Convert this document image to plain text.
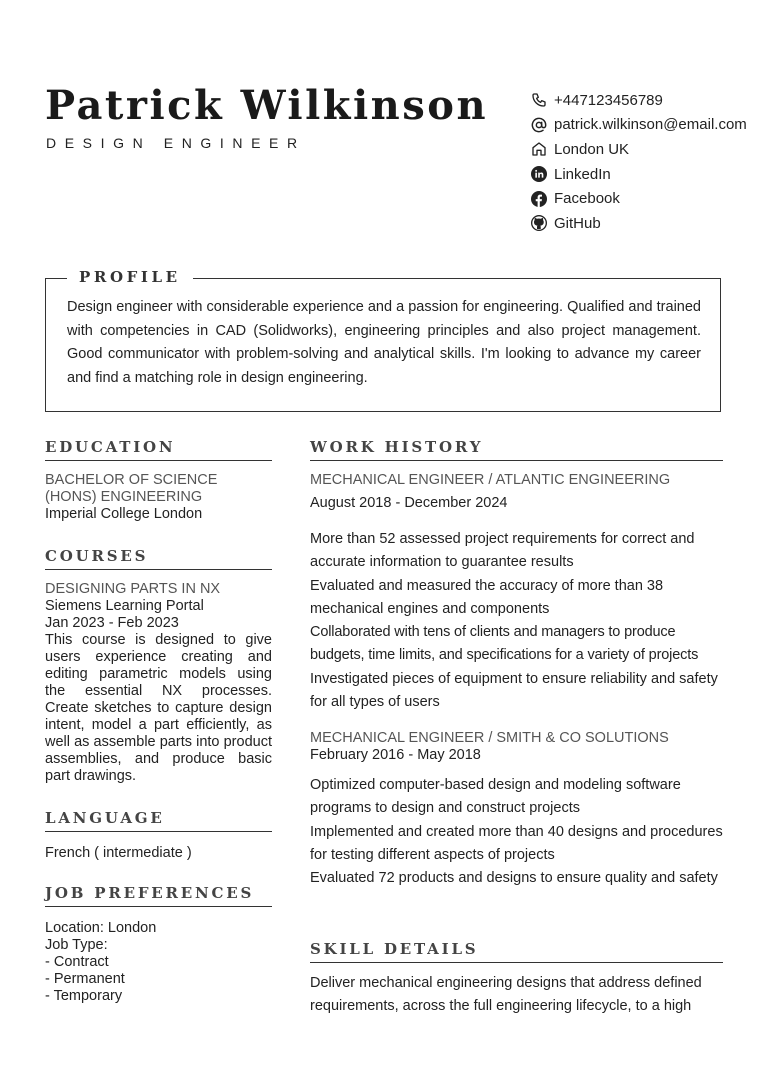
Patrick Wilkinson
DESIGN ENGINEER
+447123456789
patrick.wilkinson@email.com
London UK
LinkedIn
Facebook
GitHub
PROFILE
Design engineer with considerable experience and a passion for engineering. Qualified and trained with competencies in CAD (Solidworks), engineering principles and also project management. Good communicator with problem-solving and analytical skills. I'm looking to advance my career and find a matching role in design engineering.
EDUCATION
BACHELOR OF SCIENCE (HONS) ENGINEERING
Imperial College London
COURSES
DESIGNING PARTS IN NX
Siemens Learning Portal
Jan 2023 - Feb 2023
This course is designed to give users experience creating and editing parametric models using the essential NX processes. Create sketches to capture design intent, model a part efficiently, as well as assemble parts into product assemblies, and produce basic part drawings.
LANGUAGE
French ( intermediate )
JOB PREFERENCES
Location: London
Job Type:
- Contract
- Permanent
- Temporary
WORK HISTORY
MECHANICAL ENGINEER / ATLANTIC ENGINEERING
August 2018 - December 2024
More than 52 assessed project requirements for correct and accurate information to guarantee results
Evaluated and measured the accuracy of more than 38 mechanical engines and components
Collaborated with tens of clients and managers to produce budgets, time limits, and specifications for a variety of projects
Investigated pieces of equipment to ensure reliability and safety for all types of users
MECHANICAL ENGINEER / SMITH & CO SOLUTIONS
February 2016 - May 2018
Optimized computer-based design and modeling software programs to design and construct projects
Implemented and created more than 40 designs and procedures for testing different aspects of projects
Evaluated 72 products and designs to ensure quality and safety
SKILL DETAILS
Deliver mechanical engineering designs that address defined requirements, across the full engineering lifecycle, to a high
